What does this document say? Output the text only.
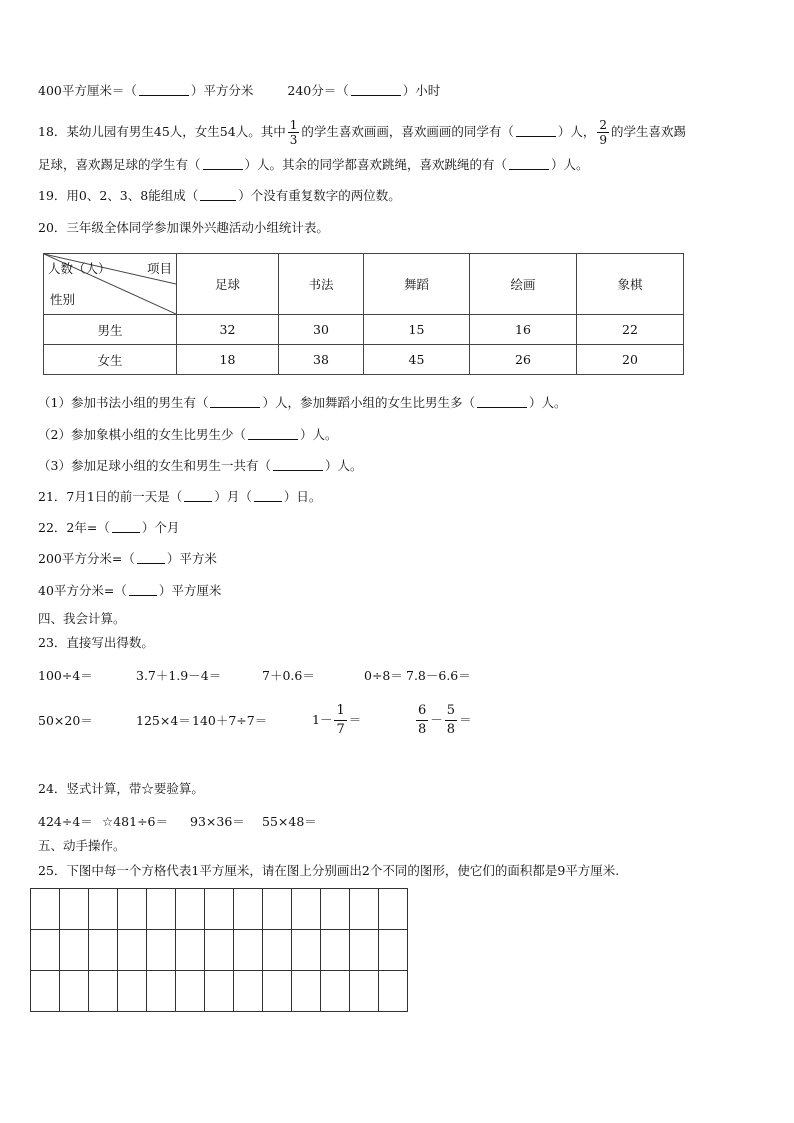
400平方厘米＝（	）平方分米	240分＝（	）小时
18．某幼儿园有男生45人，女生54人。其中 $\frac{1}{3}$ 的学生喜欢画画，喜欢画画的同学有（	）人， $\frac{2}{9}$ 的学生喜欢踢
足球，喜欢踢足球的学生有（	）人。其余的同学都喜欢跳绳，喜欢跳绳的有（	）人。
19．用0、2、3、8能组成（	）个没有重复数字的两位数。
20．三年级全体同学参加课外兴趣活动小组统计表。
人数（人） 项目
性别	足球	书法	舞蹈	绘画	象棋
男生	32	30	15	16	22
女生	18	38	45	26	20
（1）参加书法小组的男生有（	）人，参加舞蹈小组的女生比男生多（	）人。
（2）参加象棋小组的女生比男生少（	）人。
（3）参加足球小组的女生和男生一共有（	）人。
21．7月1日的前一天是（	）月（	）日。
22．2年=（	）个月
200平方分米=（	）平方米
40平方分米=（	）平方厘米
四、我会计算。
23．直接写出得数。
100÷4＝	3.7＋1.9－4＝	7＋0.6＝	0÷8＝ 7.8－6.6＝
50×20＝	125×4＝ 140＋7÷7＝	$1- \frac{1}{7}$ ＝	$\frac{6}{8} - \frac{5}{8}$ ＝
24．竖式计算，带☆要验算。
424÷4＝ ☆481÷6＝ 93×36＝ 55×48＝
五、动手操作。
25．下图中每一个方格代表1平方厘米，请在图上分别画出2个不同的图形，使它们的面积都是9平方厘米.
